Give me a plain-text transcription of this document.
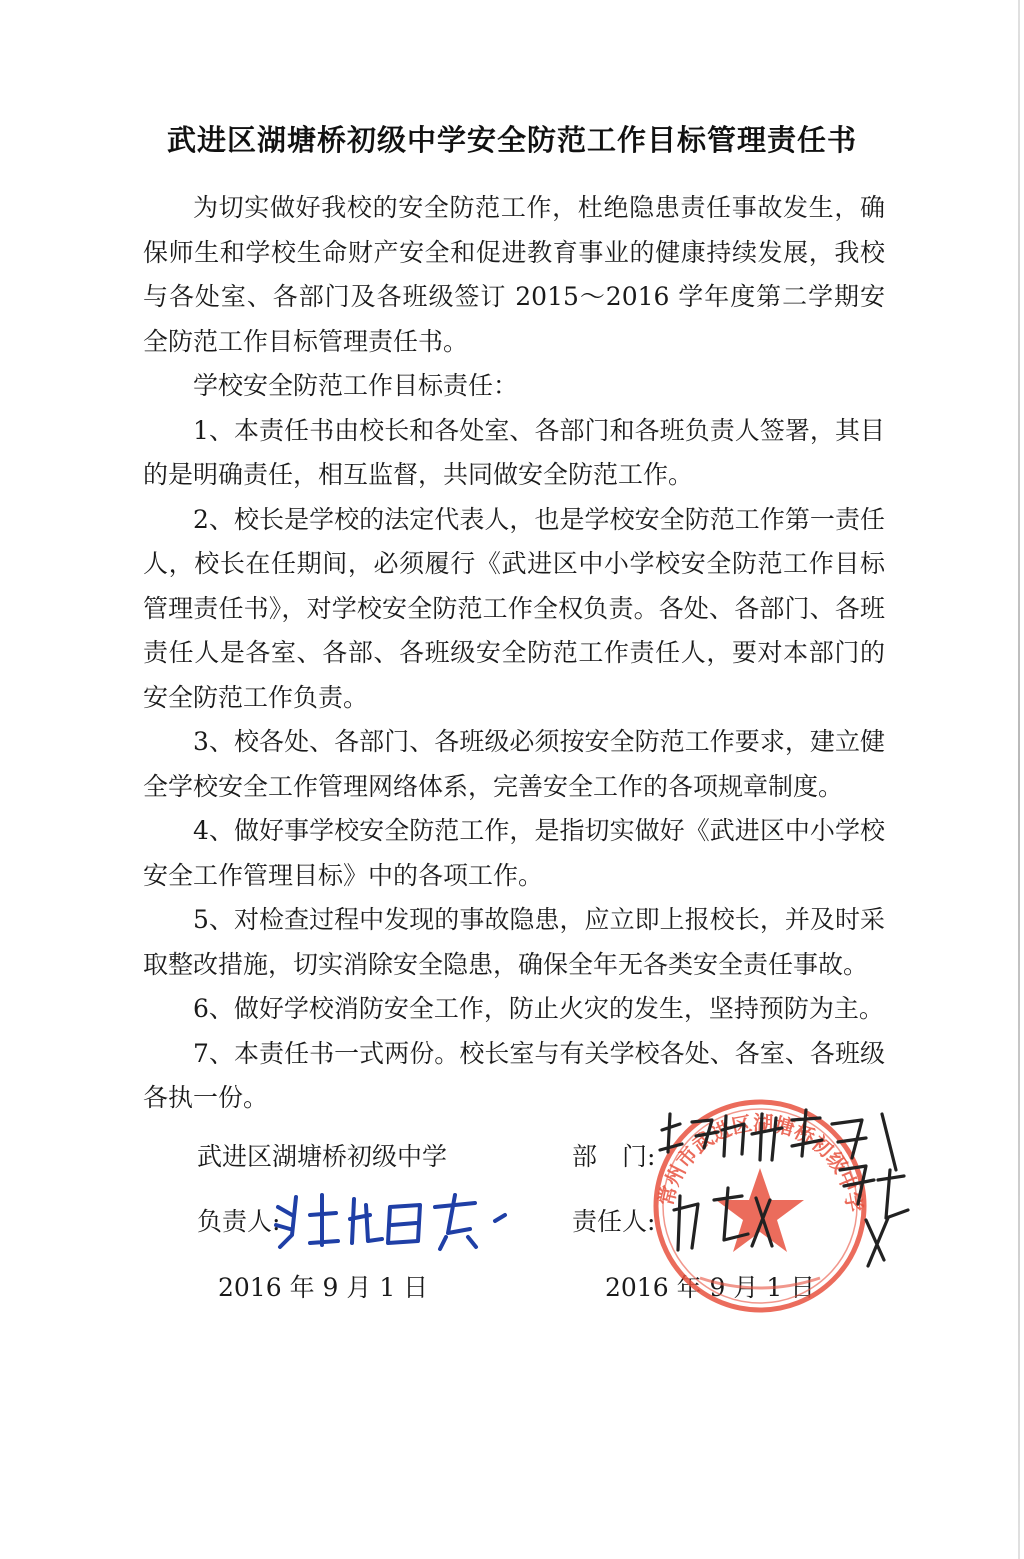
武进区湖塘桥初级中学安全防范工作目标管理责任书

为切实做好我校的安全防范工作，杜绝隐患责任事故发生，确保师生和学校生命财产安全和促进教育事业的健康持续发展，我校与各处室、各部门及各班级签订 2015～2016 学年度第二学期安全防范工作目标管理责任书。

学校安全防范工作目标责任：

1、本责任书由校长和各处室、各部门和各班负责人签署，其目的是明确责任，相互监督，共同做安全防范工作。

2、校长是学校的法定代表人，也是学校安全防范工作第一责任人，校长在任期间，必须履行《武进区中小学校安全防范工作目标管理责任书》，对学校安全防范工作全权负责。各处、各部门、各班责任人是各室、各部、各班级安全防范工作责任人，要对本部门的安全防范工作负责。

3、校各处、各部门、各班级必须按安全防范工作要求，建立健全学校安全工作管理网络体系，完善安全工作的各项规章制度。

4、做好事学校安全防范工作，是指切实做好《武进区中小学校安全工作管理目标》中的各项工作。

5、对检查过程中发现的事故隐患，应立即上报校长，并及时采取整改措施，切实消除安全隐患，确保全年无各类安全责任事故。

6、做好学校消防安全工作，防止火灾的发生，坚持预防为主。

7、本责任书一式两份。校长室与有关学校各处、各室、各班级各执一份。

武进区湖塘桥初级中学
负责人:
2016 年 9 月 1 日
部　门:
责任人:
2016 年 9 月 1 日
常州市武进区湖塘桥初级中学
